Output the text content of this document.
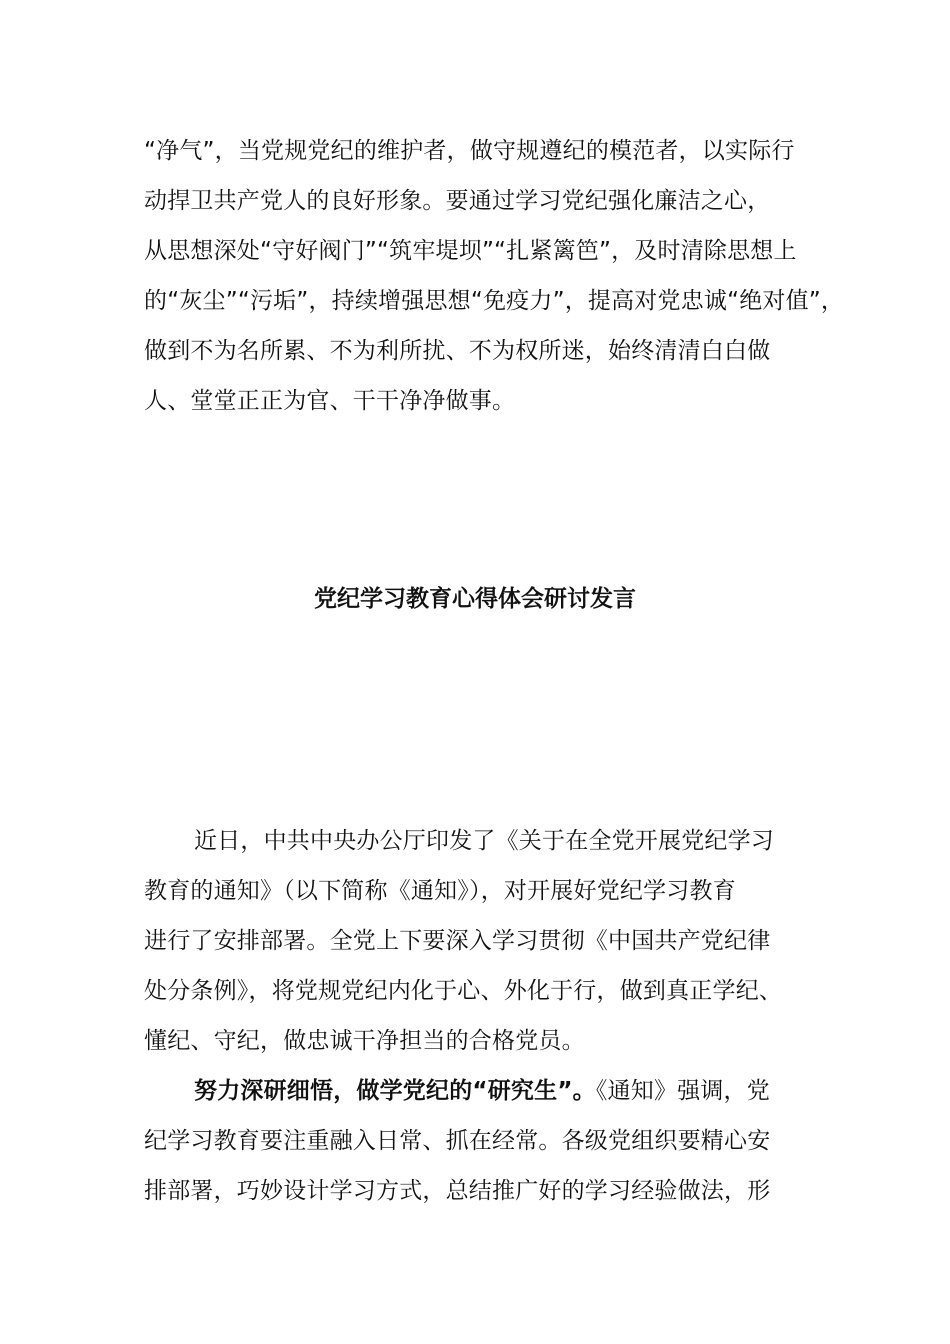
“净气”，当党规党纪的维护者，做守规遵纪的模范者，以实际行
动捍卫共产党人的良好形象。要通过学习党纪强化廉洁之心，
从思想深处“守好阀门”“筑牢堤坝”“扎紧篱笆”，及时清除思想上
的“灰尘”“污垢”，持续增强思想“免疫力”，提高对党忠诚“绝对值”，
做到不为名所累、不为利所扰、不为权所迷，始终清清白白做
人、堂堂正正为官、干干净净做事。
党纪学习教育心得体会研讨发言
近日，中共中央办公厅印发了《关于在全党开展党纪学习
教育的通知》（以下简称《通知》），对开展好党纪学习教育
进行了安排部署。全党上下要深入学习贯彻《中国共产党纪律
处分条例》，将党规党纪内化于心、外化于行，做到真正学纪、
懂纪、守纪，做忠诚干净担当的合格党员。
努力深研细悟，做学党纪的“研究生”。《通知》强调，党
纪学习教育要注重融入日常、抓在经常。各级党组织要精心安
排部署，巧妙设计学习方式，总结推广好的学习经验做法，形
